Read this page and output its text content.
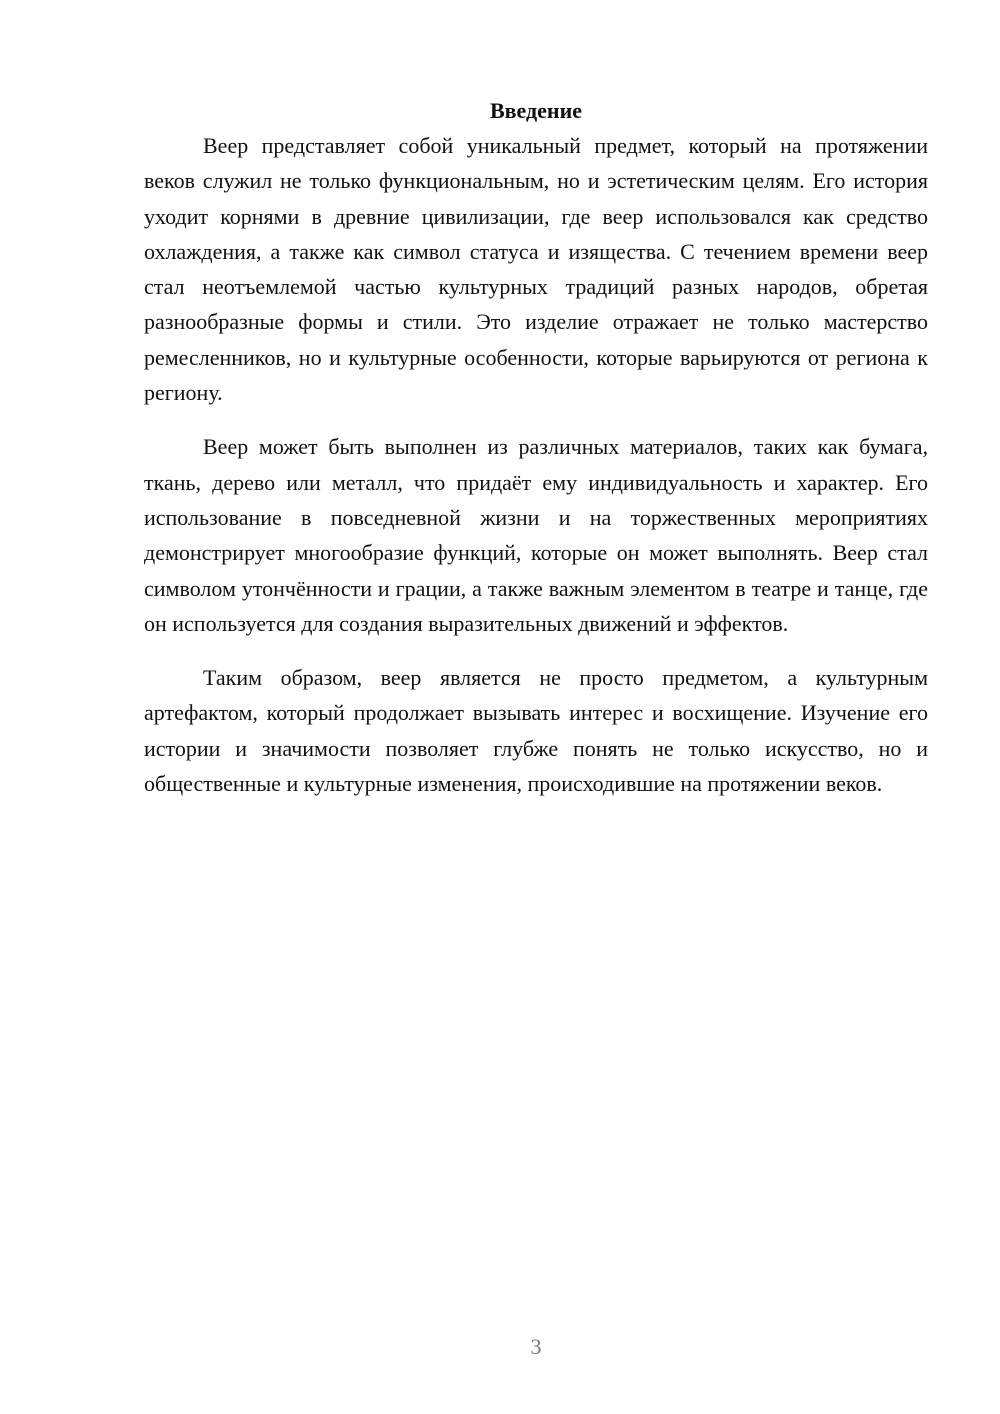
Введение

Веер представляет собой уникальный предмет, который на протяжении веков служил не только функциональным, но и эстетическим целям. Его история уходит корнями в древние цивилизации, где веер использовался как средство охлаждения, а также как символ статуса и изящества. С течением времени веер стал неотъемлемой частью культурных традиций разных народов, обретая разнообразные формы и стили. Это изделие отражает не только мастерство ремесленников, но и культурные особенности, которые варьируются от региона к региону.

Веер может быть выполнен из различных материалов, таких как бумага, ткань, дерево или металл, что придаёт ему индивидуальность и характер. Его использование в повседневной жизни и на торжественных мероприятиях демонстрирует многообразие функций, которые он может выполнять. Веер стал символом утончённости и грации, а также важным элементом в театре и танце, где он используется для создания выразительных движений и эффектов.

Таким образом, веер является не просто предметом, а культурным артефактом, который продолжает вызывать интерес и восхищение. Изучение его истории и значимости позволяет глубже понять не только искусство, но и общественные и культурные изменения, происходившие на протяжении веков.

3
